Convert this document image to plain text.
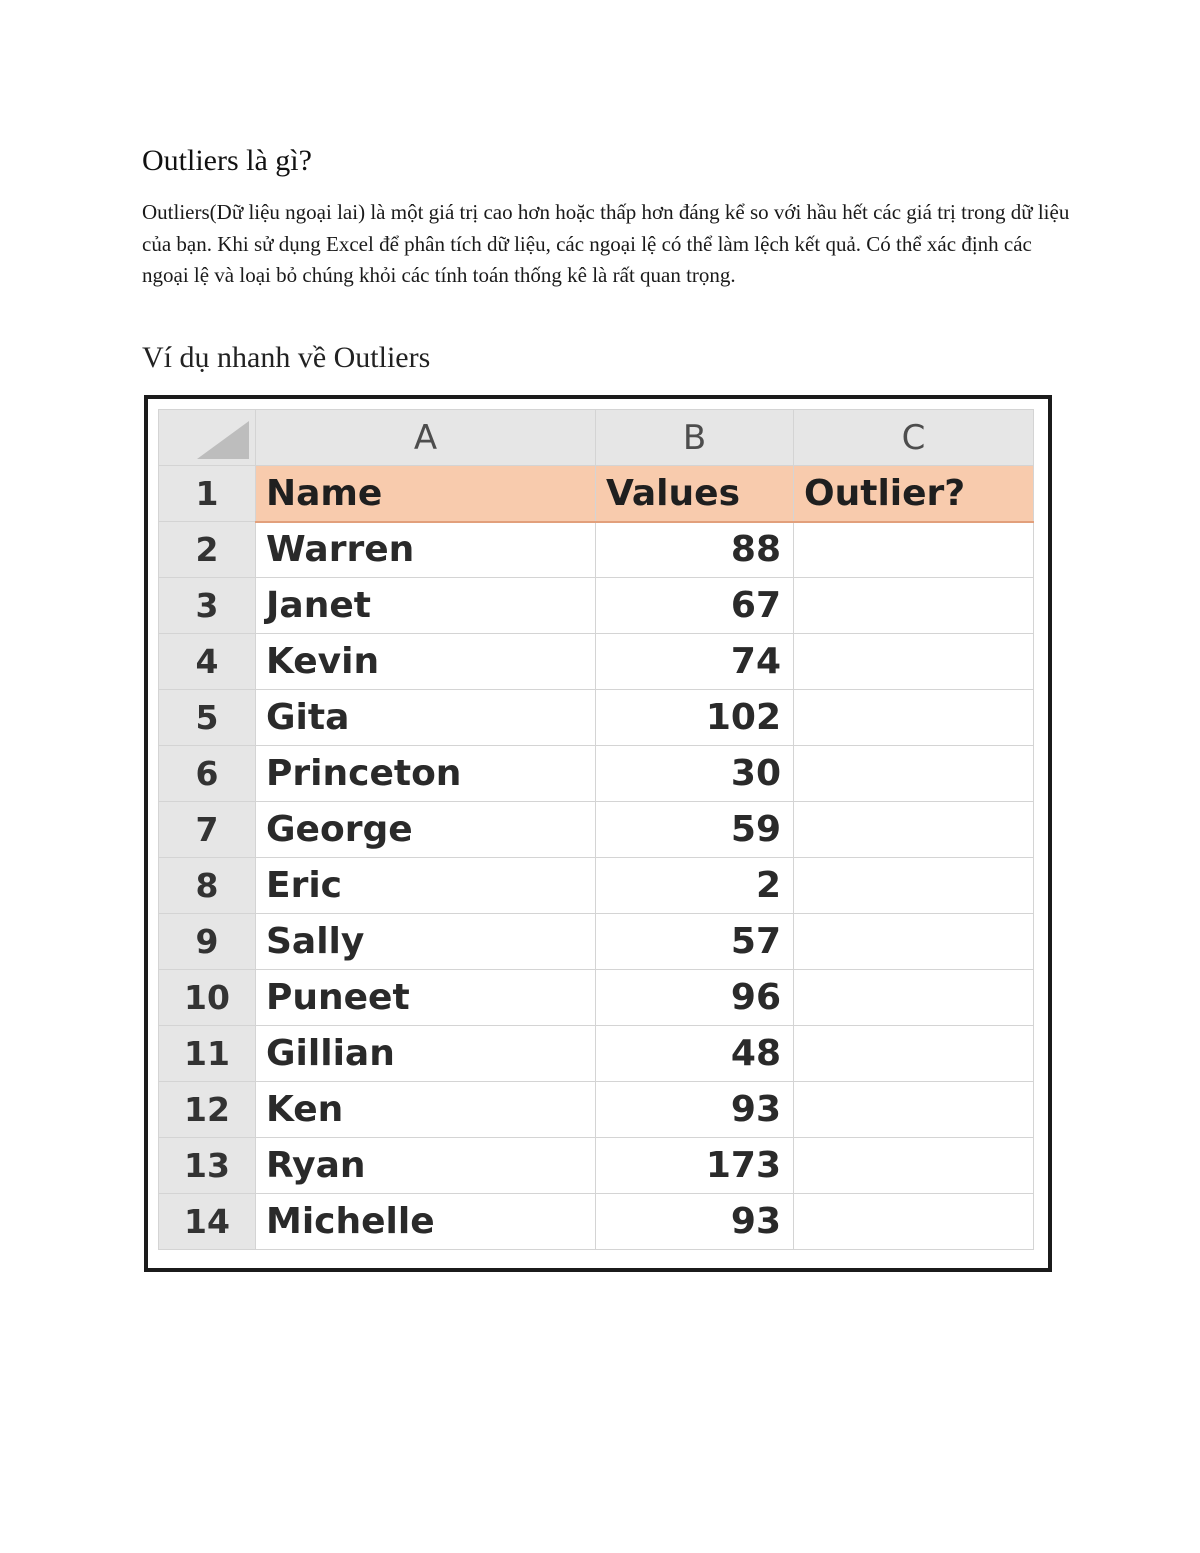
Outliers là gì?

Outliers(Dữ liệu ngoại lai) là một giá trị cao hơn hoặc thấp hơn đáng kể so với hầu hết các giá trị trong dữ liệu của bạn. Khi sử dụng Excel để phân tích dữ liệu, các ngoại lệ có thể làm lệch kết quả. Có thể xác định các ngoại lệ và loại bỏ chúng khỏi các tính toán thống kê là rất quan trọng.

Ví dụ nhanh về Outliers
	A	B	C
1	Name	Values	Outlier?
2	Warren	88	
3	Janet	67	
4	Kevin	74	
5	Gita	102	
6	Princeton	30	
7	George	59	
8	Eric	2	
9	Sally	57	
10	Puneet	96	
11	Gillian	48	
12	Ken	93	
13	Ryan	173	
14	Michelle	93	
